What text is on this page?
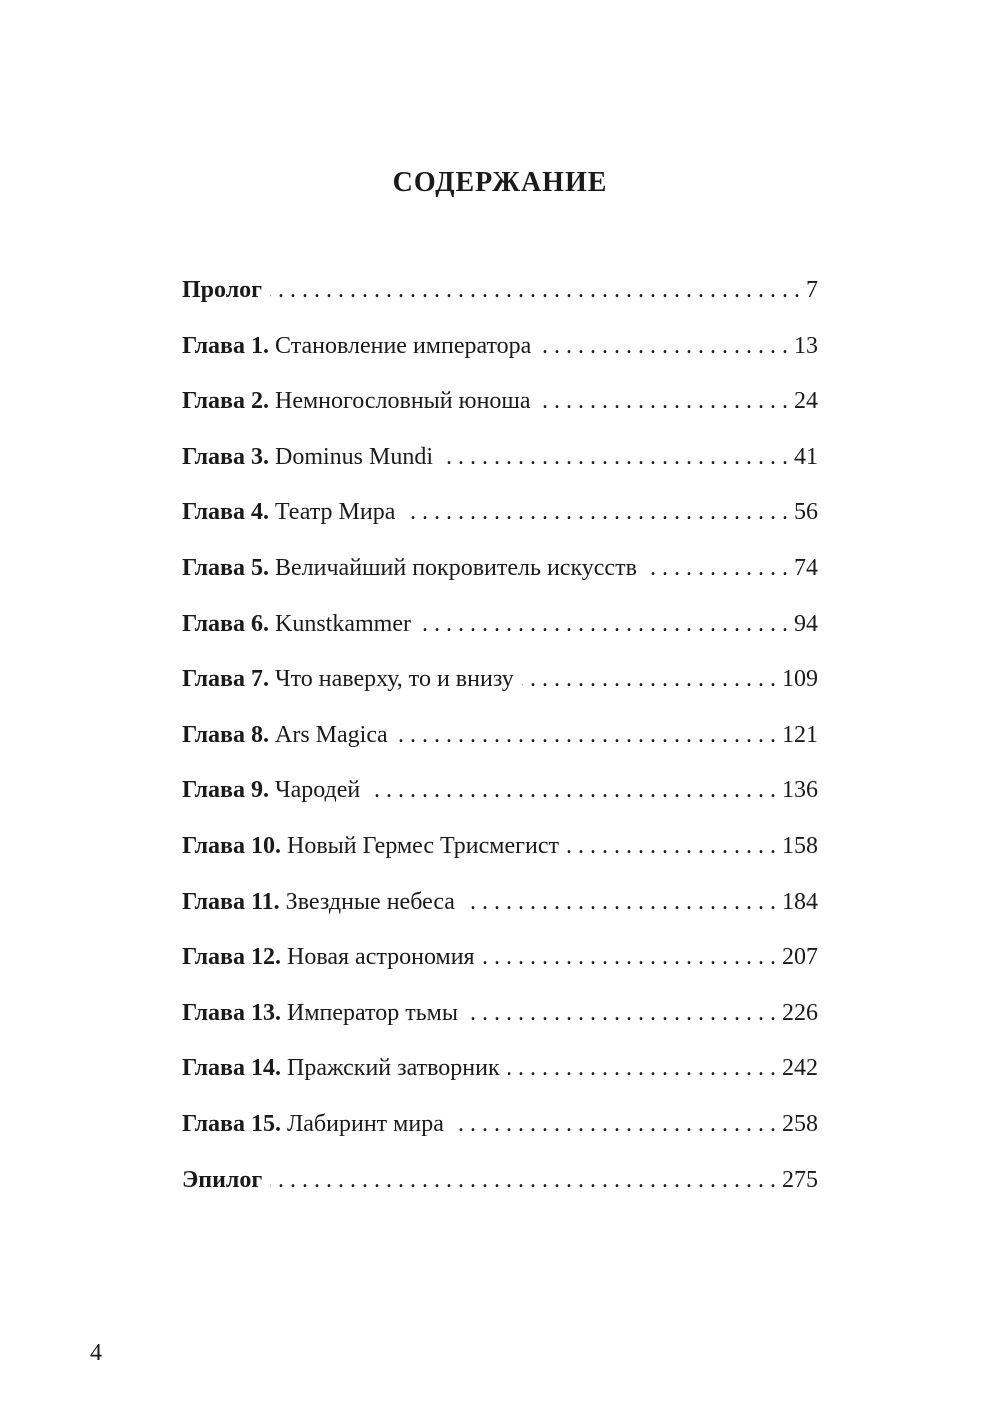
СОДЕРЖАНИЕ
Пролог . . .	7
Глава 1. Становление императора . . .	13
Глава 2. Немногословный юноша . . .	24
Глава 3. Dominus Mundi . . .	41
Глава 4. Театр Мира . . .	56
Глава 5. Величайший покровитель искусств . . .	74
Глава 6. Kunstkammer . . .	94
Глава 7. Что наверху, то и внизу . . .	109
Глава 8. Ars Magica . . .	121
Глава 9. Чародей . . .	136
Глава 10. Новый Гермес Трисмегист . . .	158
Глава 11. Звездные небеса . . .	184
Глава 12. Новая астрономия . . .	207
Глава 13. Император тьмы . . .	226
Глава 14. Пражский затворник . . .	242
Глава 15. Лабиринт мира . . .	258
Эпилог . . .	275
4
